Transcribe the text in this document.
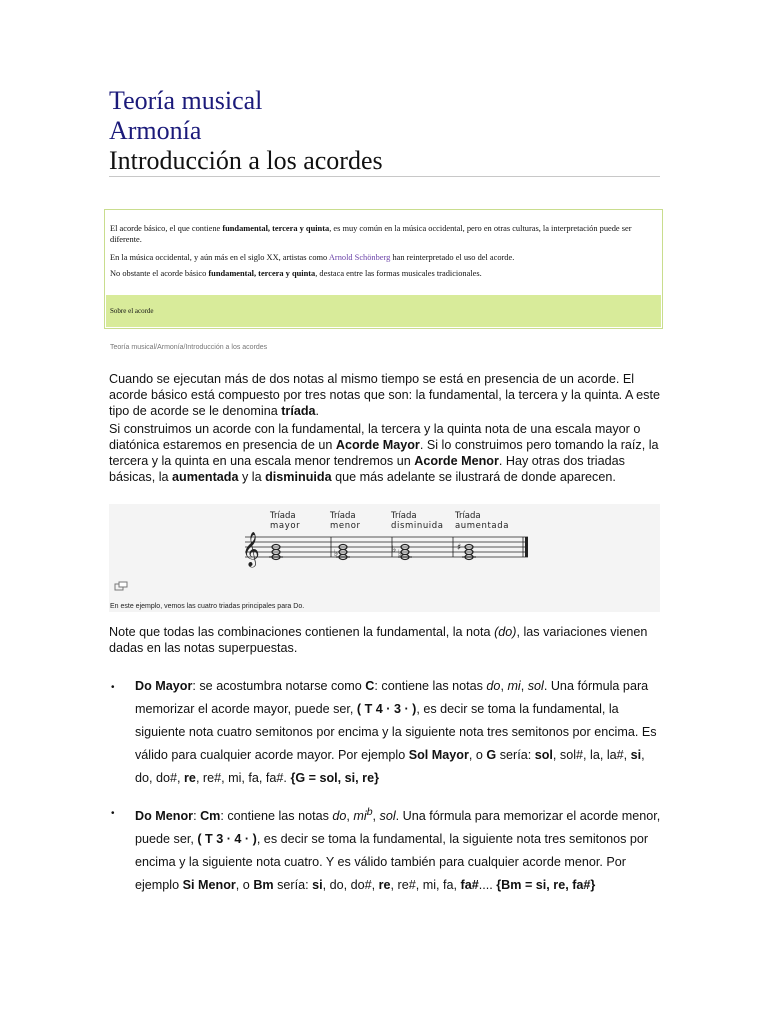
Teoría musical
Armonía
Introducción a los acordes

El acorde básico, el que contiene fundamental, tercera y quinta, es muy común en la música occidental, pero en otras culturas, la interpretación puede ser diferente.

En la música occidental, y aún más en el siglo XX, artistas como Arnold Schönberg han reinterpretado el uso del acorde.

No obstante el acorde básico fundamental, tercera y quinta, destaca entre las formas musicales tradicionales.

Sobre el acorde
Teoría musical/Armonía/Introducción a los acordes

Cuando se ejecutan más de dos notas al mismo tiempo se está en presencia de un acorde. El acorde básico está compuesto por tres notas que son: la fundamental, la tercera y la quinta. A este tipo de acorde se le denomina tríada.

Si construimos un acorde con la fundamental, la tercera y la quinta nota de una escala mayor o diatónica estaremos en presencia de un Acorde Mayor. Si lo construimos pero tomando la raíz, la tercera y la quinta en una escala menor tendremos un Acorde Menor. Hay otras dos triadas básicas, la aumentada y la disminuida que más adelante se ilustrará de donde aparecen.

𝄞	♭	♭ ♭
♯
Tríada
mayor
Tríada
menor
Tríada
disminuida
Tríada
aumentada
En este ejemplo, vemos las cuatro triadas principales para Do.

Note que todas las combinaciones contienen la fundamental, la nota (do), las variaciones vienen dadas en las notas superpuestas.

• Do Mayor: se acostumbra notarse como C: contiene las notas do, mi, sol. Una fórmula para memorizar el acorde mayor, puede ser, ( T 4 · 3 · ), es decir se toma la fundamental, la siguiente nota cuatro semitonos por encima y la siguiente nota tres semitonos por encima. Es válido para cualquier acorde mayor. Por ejemplo Sol Mayor, o G sería: sol, sol#, la, la#, si, do, do#, re, re#, mi, fa, fa#. {G = sol, si, re}

• Do Menor: Cm: contiene las notas do, $mi^b$, sol. Una fórmula para memorizar el acorde menor, puede ser, ( T 3 · 4 · ), es decir se toma la fundamental, la siguiente nota tres semitonos por encima y la siguiente nota cuatro. Y es válido también para cualquier acorde menor. Por ejemplo Si Menor, o Bm sería: si, do, do#, re, re#, mi, fa, fa#.... {Bm = si, re, fa#}
